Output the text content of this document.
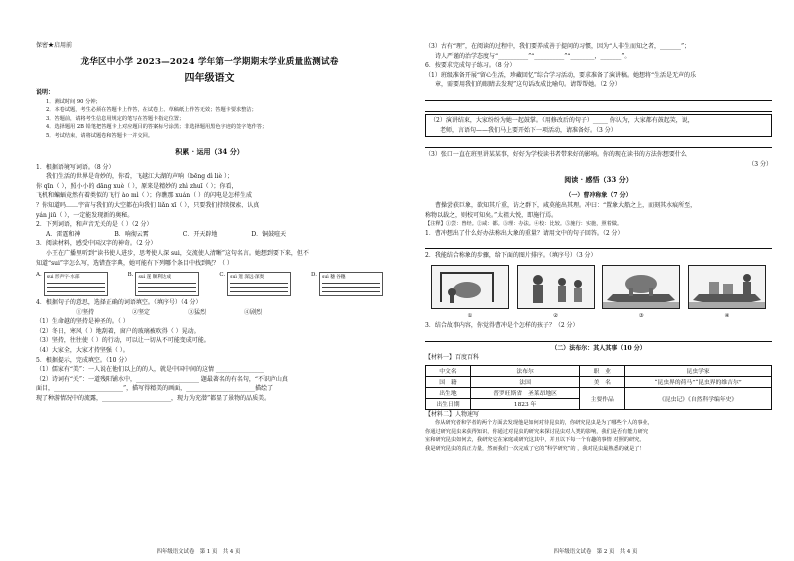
保密★启用前
龙华区中小学 2023—2024 学年第一学期期末学业质量监测试卷
四年级语文
说明：
1．测试时间 90 分钟；
2．本卷试题，考生必须在答题卡上作答，在试卷上、草稿纸上作答无效；答题卡要求整洁；
3．答题前，请将考生信息用规定的笔写在答题卡指定位置；
4．选择题用 2B 铅笔把答题卡上对应题目的答案标号涂黑；非选择题用黑色字迹的签字笔作答；
5．考试结束，请将试题卷和答题卡一并交回。
积累 · 运用（34 分）
1．根据语境写词语。（8 分）
我们生活的世界是奇妙的，你看，飞越江大湖的声响（bēng dì liè ）；
你 qīn（ ），照小小的 dāng xuè（ ），原来是精妙的 zhì zhuī（ ）；你看，
飞机和蝙蝠竟然有着类似的飞行 ào mì（ ）；你瞧那 xuán（ ）的闪电是怎样生成
？你知道吗……宇宙与我们的大空都在向我们 liǎn xī（ ），只要我们持续探索、认真
yán jiū（ ），一定能发现新的奥秘。
2．下列词语，和声音无关的是（ ）（2 分）
A．雷霆和神	B．响彻云霄	C．开天辟地	D．铜鼓喧天
3．阅读材料，感受中国汉字的神奇。（2 分）
小王在广播里听到“读书使人进步，思考使人深 sui，交流使人清晰”这句名言。她想到要下来，但不
知道“sui”字怎么写，选错查字典，她可能有下列哪个条目中找到呢？（ ）
A. sui 形声字·水部	B. suì 遂 顺利达成	C. suì 邃 深远·深奥	D. suì 穗 谷穗
4．根据句子的意思，选择正确的词语填空。（填序号）（4 分）
①坚持	②坚定	③猛烈	④剧烈
（1）生命越的坚持是神圣的。（ ）
（2）冬日，寒风（ ）地刮着，窗户的玻璃被吹得（ ）晃动。
（3）坚持，往往使（ ）的行动，可以让一切从不可能变成可能。
（4）大家全，大家才持坚强（ ）。
5．根据提示，完成填空。（10 分）
（1）儒家有“美”：一人说在他们以上的的人，就是中国中间的这情 ________________
（2）诗词有“关”：一道残阳铺水中，_____________________ 题最著名的有名句，“不识庐山真
面目，_______________________”，描写得精美的画面，_______________________描绘了
现了种游情况中的流露，_______________________，现力为充潜”都显了景物的品质美。
四年级语文试卷　第 1 页　共 4 页
（3）古有“理”，在阅读的过程中，我们要养成善于提问的习惯，因为“人非生而知之者，_______”；
诗人严谨的治学态度与“__________”“__________”“________，_______”。
6．按要求完成句子练习。（8 分）
（1）班级准备开展“留心生活，珍藏回忆”综合学习活动，要求准备了演讲稿。她想将“生活是无声的乐
章，需要用我们的眼睛去发现”这句话改成比喻句。请帮帮她。（2 分）
（2）演讲结束，大家纷纷为她一起鼓掌。（用修改后的句子）_____ 你认为，大家都有鼓起笑，说，
老师，言语句——我们马上要开始下一项活动，请准备好。（3 分）
（3）张口一直在班里讲某某事，好好为学校读书者带来好的影响。你的现在读书的方法你想要什么
（3 分）
阅读 · 感悟（33 分）
（一）曹冲称象（7 分）
曹操尝获巨象，欲知其斤重，访之群下，咸莫能出其理。冲曰：“置象大船之上，而刻其水痕所至，
称物以载之，则校可知矣。”太祖大悦，即施行焉。
【注释】①尝：曾经。②咸：都。③理：办法。④校：比较。⑤施行：实施，照着做。
1．曹冲想出了什么好办法称出大象的重量？请用文中的句子回答。（2 分）
2．我能结合称象的步骤，给下面的图片排序。（填序号）（3 分）
①	②	③	④
3．结合故事内容，你觉得曹冲是个怎样的孩子？（2 分）
（二）法布尔：其人其事（10 分）
【材料一】百度百科
中文名	法布尔	职　业	昆虫学家
国　籍	法国	美　名	“昆虫界的荷马”“昆虫界的维吉尔”
出生地	普罗旺斯省　圣莱昂地区	主要作品	《昆虫记》《自然科学编年史》
出生日期	1823 年		
【材料二】人物速写
你从研究者和学者的两个方面去发现他是如何对待昆虫的，你研究昆虫是为了哪些个人的事业，
你通过研究昆虫来获得知识，你通过对昆虫的研究来探讨昆虫对人类的影响，我们是否有能力研究
室和研究昆虫如何去，我研究它在家庭或研究这其中，并且以下每一个有趣的事情 对照的研究。
我是研究昆虫的真正力量，然而我们一次完成了它的“科学研究”的 ，我对昆虫最熟悉的就是了！
四年级语文试卷　第 2 页　共 4 页
